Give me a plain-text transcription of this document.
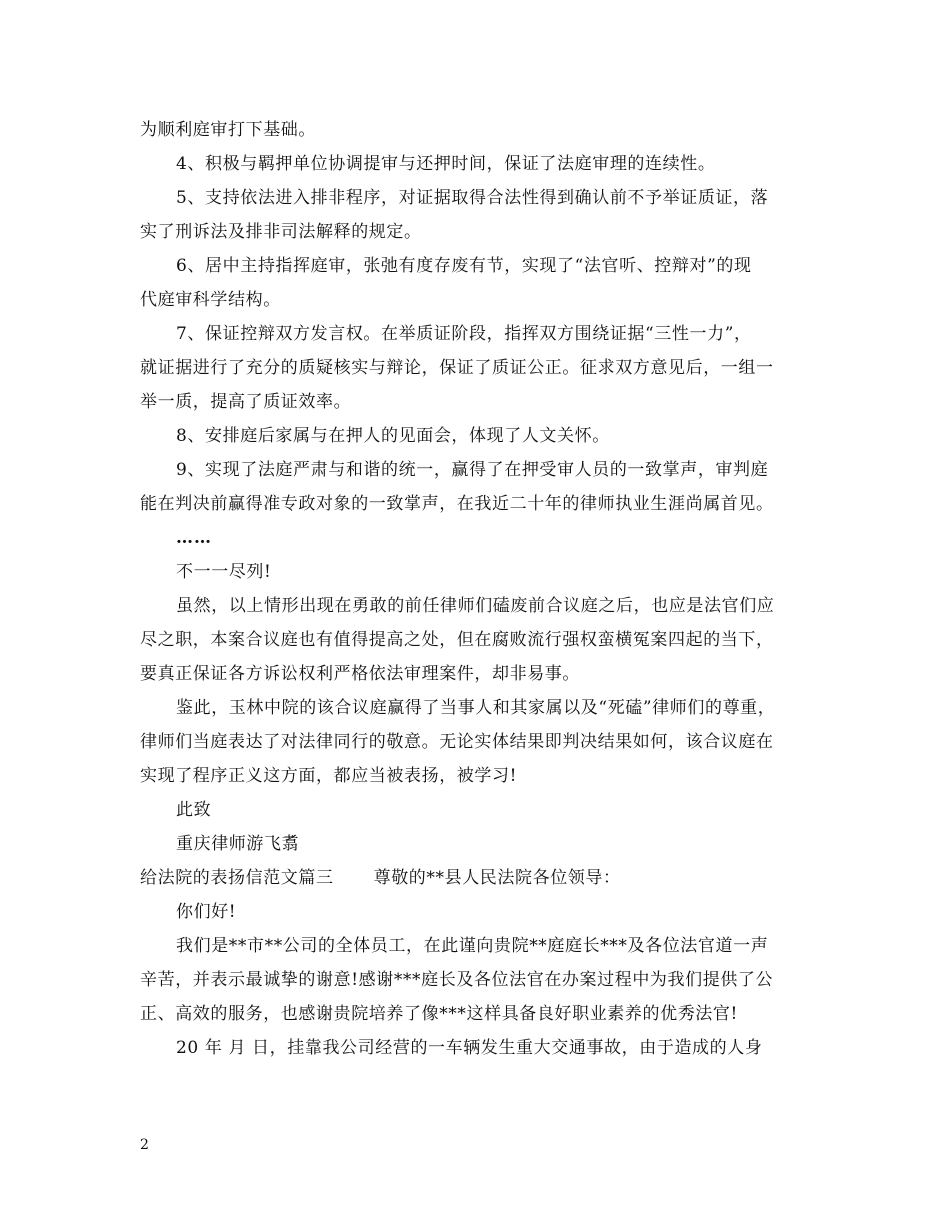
为顺利庭审打下基础。
4、积极与羁押单位协调提审与还押时间，保证了法庭审理的连续性。
5、支持依法进入排非程序，对证据取得合法性得到确认前不予举证质证，落
实了刑诉法及排非司法解释的规定。
6、居中主持指挥庭审，张弛有度存废有节，实现了“法官听、控辩对”的现
代庭审科学结构。
7、保证控辩双方发言权。在举质证阶段，指挥双方围绕证据“三性一力”，
就证据进行了充分的质疑核实与辩论，保证了质证公正。征求双方意见后，一组一
举一质，提高了质证效率。
8、安排庭后家属与在押人的见面会，体现了人文关怀。
9、实现了法庭严肃与和谐的统一，赢得了在押受审人员的一致掌声，审判庭
能在判决前赢得准专政对象的一致掌声，在我近二十年的律师执业生涯尚属首见。
……
不一一尽列!
虽然，以上情形出现在勇敢的前任律师们磕废前合议庭之后，也应是法官们应
尽之职，本案合议庭也有值得提高之处，但在腐败流行强权蛮横冤案四起的当下，
要真正保证各方诉讼权利严格依法审理案件，却非易事。
鉴此，玉林中院的该合议庭赢得了当事人和其家属以及“死磕”律师们的尊重，
律师们当庭表达了对法律同行的敬意。无论实体结果即判决结果如何，该合议庭在
实现了程序正义这方面，都应当被表扬，被学习!
此致
重庆律师游飞翥
给法院的表扬信范文篇三 尊敬的**县人民法院各位领导：
你们好!
我们是**市**公司的全体员工，在此谨向贵院**庭庭长***及各位法官道一声
辛苦，并表示最诚挚的谢意!感谢***庭长及各位法官在办案过程中为我们提供了公
正、高效的服务，也感谢贵院培养了像***这样具备良好职业素养的优秀法官!
20 年 月 日，挂靠我公司经营的一车辆发生重大交通事故，由于造成的人身
2
